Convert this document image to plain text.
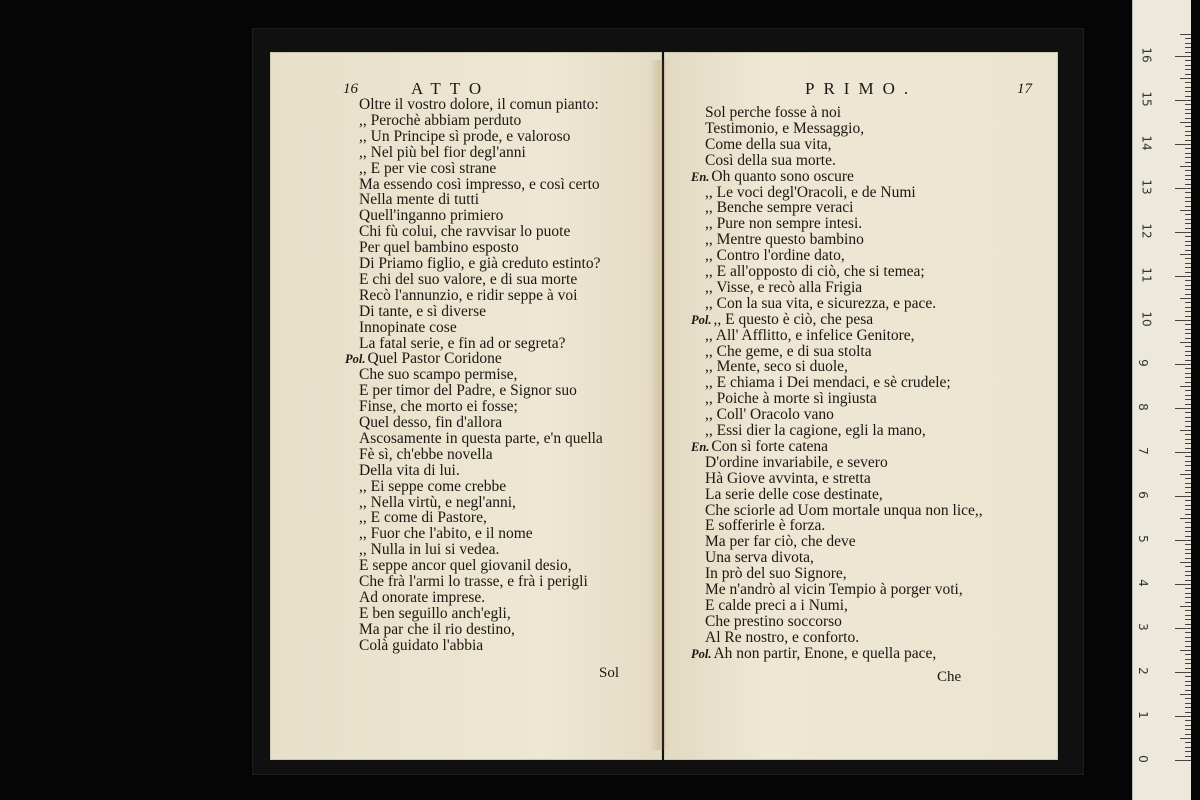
16	ATTO
Oltre il vostro dolore, il comun pianto:
,, Perochè abbiam perduto
,, Un Principe sì prode, e valoroso
,, Nel più bel fior degl'anni
,, E per vie così strane
Ma essendo così impresso, e così certo
Nella mente di tutti
Quell'inganno primiero
Chi fù colui, che ravvisar lo puote
Per quel bambino esposto
Di Priamo figlio, e già creduto estinto?
E chi del suo valore, e di sua morte
Recò l'annunzio, e ridir seppe à voi
Di tante, e sì diverse
Innopinate cose
La fatal serie, e fin ad or segreta?
Pol. Quel Pastor Coridone
Che suo scampo permise,
E per timor del Padre, e Signor suo
Finse, che morto ei fosse;
Quel desso, fin d'allora
Ascosamente in questa parte, e'n quella
Fè sì, ch'ebbe novella
Della vita di lui.
,, Ei seppe come crebbe
,, Nella virtù, e negl'anni,
,, E come di Pastore,
,, Fuor che l'abito, e il nome
,, Nulla in lui si vedea.
E seppe ancor quel giovanil desio,
Che frà l'armi lo trasse, e frà i perigli
Ad onorate imprese.
E ben seguillo anch'egli,
Ma par che il rio destino,
Colà guidato l'abbia
Sol
PRIMO.	17
Sol perche fosse à noi
Testimonio, e Messaggio,
Come della sua vita,
Così della sua morte.
En. Oh quanto sono oscure
,, Le voci degl'Oracoli, e de Numi
,, Benche sempre veraci
,, Pure non sempre intesi.
,, Mentre questo bambino
,, Contro l'ordine dato,
,, E all'opposto di ciò, che si temea;
,, Visse, e recò alla Frigia
,, Con la sua vita, e sicurezza, e pace.
Pol. ,, E questo è ciò, che pesa
,, All' Afflitto, e infelice Genitore,
,, Che geme, e di sua stolta
,, Mente, seco si duole,
,, E chiama i Dei mendaci, e sè crudele;
,, Poiche à morte sì ingiusta
,, Coll' Oracolo vano
,, Essi dier la cagione, egli la mano,
En. Con sì forte catena
D'ordine invariabile, e severo
Hà Giove avvinta, e stretta
La serie delle cose destinate,
Che sciorle ad Uom mortale unqua non lice,,
E sofferirle è forza.
Ma per far ciò, che deve
Una serva divota,
In prò del suo Signore,
Me n'andrò al vicin Tempio à porger voti,
E calde preci a i Numi,
Che prestino soccorso
Al Re nostro, e conforto.
Pol. Ah non partir, Enone, e quella pace,
Che
16
15
14
13
12
11
10
9
8
7
6
5
4
3
2
1
0
